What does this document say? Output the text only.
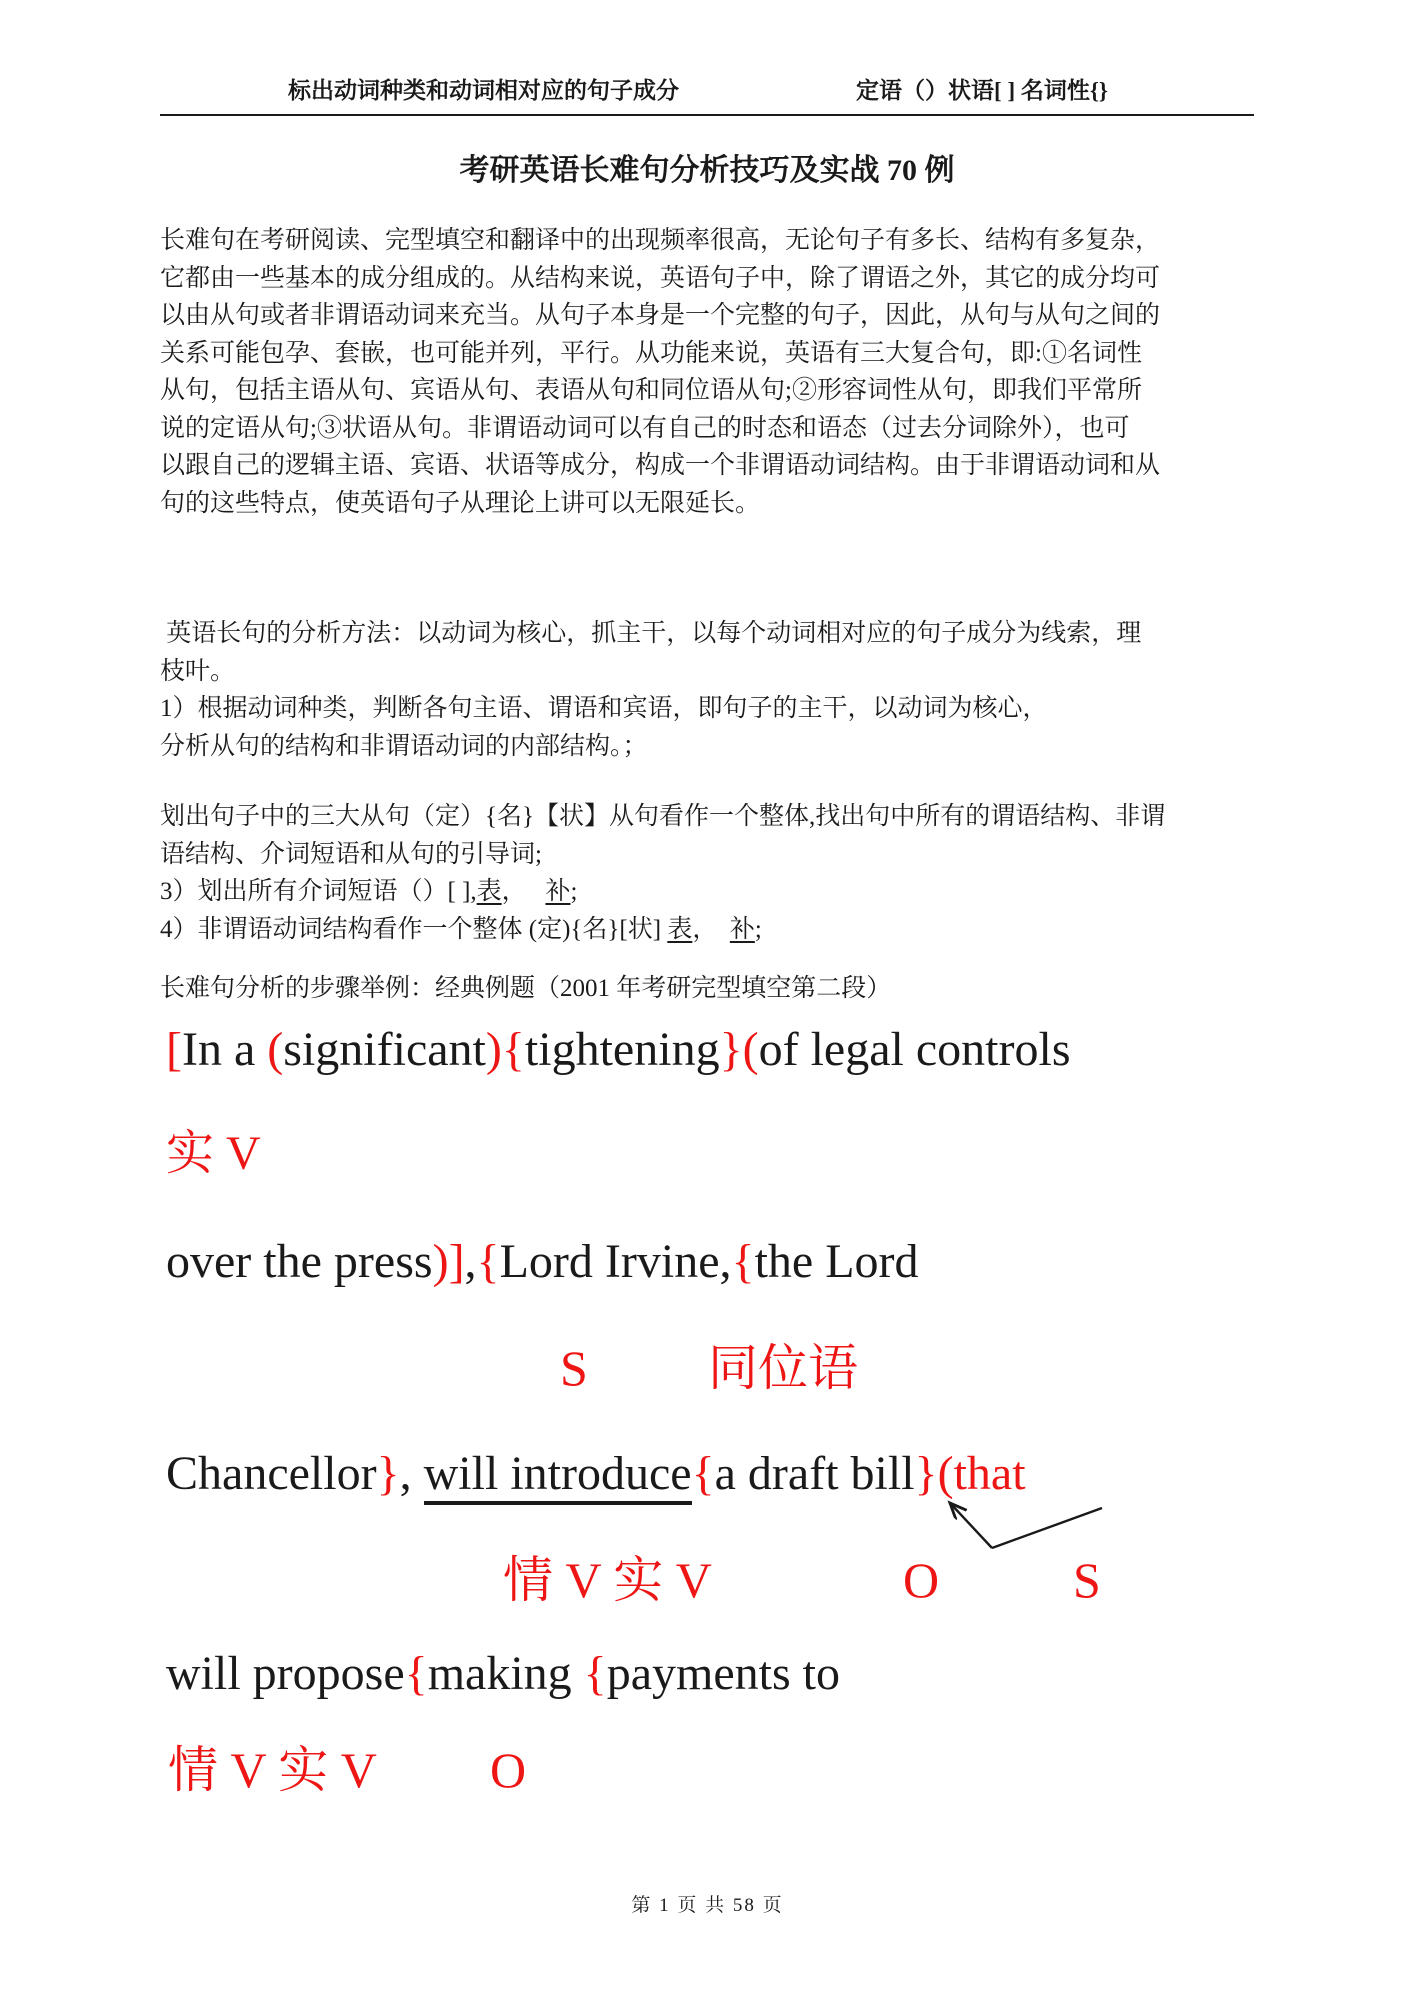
标出动词种类和动词相对应的句子成分	定语（）状语[ ] 名词性{}
考研英语长难句分析技巧及实战 70 例
长难句在考研阅读、完型填空和翻译中的出现频率很高，无论句子有多长、结构有多复杂，
它都由一些基本的成分组成的。从结构来说，英语句子中，除了谓语之外，其它的成分均可
以由从句或者非谓语动词来充当。从句子本身是一个完整的句子，因此，从句与从句之间的
关系可能包孕、套嵌，也可能并列，平行。从功能来说，英语有三大复合句，即:①名词性
从句，包括主语从句、宾语从句、表语从句和同位语从句;②形容词性从句，即我们平常所
说的定语从句;③状语从句。非谓语动词可以有自己的时态和语态（过去分词除外），也可
以跟自己的逻辑主语、宾语、状语等成分，构成一个非谓语动词结构。由于非谓语动词和从
句的这些特点，使英语句子从理论上讲可以无限延长。
英语长句的分析方法：以动词为核心，抓主干，以每个动词相对应的句子成分为线索，理
枝叶。
1）根据动词种类，判断各句主语、谓语和宾语，即句子的主干，以动词为核心，
分析从句的结构和非谓语动词的内部结构。；
划出句子中的三大从句（定）{名}【状】从句看作一个整体,找出句中所有的谓语结构、非谓
语结构、介词短语和从句的引导词;
3）划出所有介词短语（）[ ],表，   补;
4）非谓语动词结构看作一个整体 (定){名}[状] 表，  补;
长难句分析的步骤举例：经典例题（2001 年考研完型填空第二段）
[In a (significant){tightening}(of legal controls
实 V
over the press)],{Lord Irvine,{the Lord

S

同位语

Chancellor}, will introduce{a draft bill}(that

情 V 实 V

	O

	S

will propose{making {payments to

情 V 实 V

O

第 1 页 共 58 页
